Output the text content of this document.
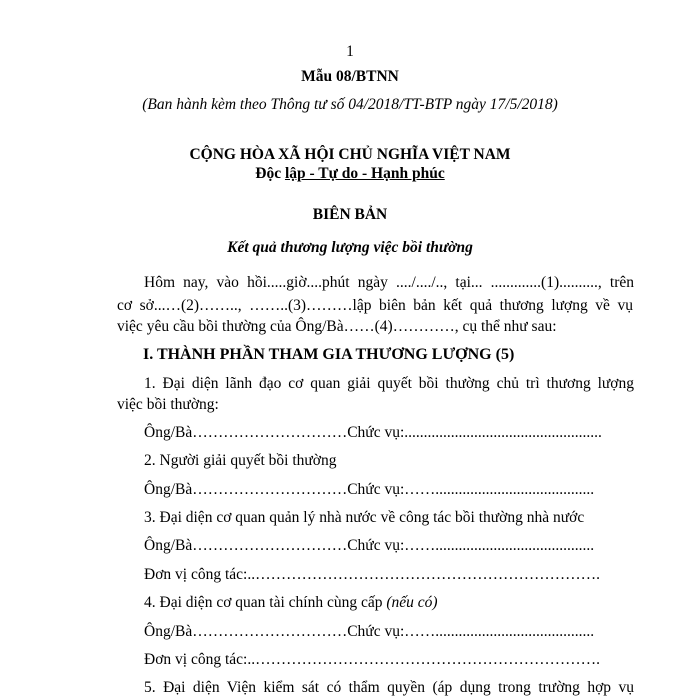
1
Mẫu 08/BTNN
(Ban hành kèm theo Thông tư số 04/2018/TT-BTP ngày 17/5/2018)
CỘNG HÒA XÃ HỘI CHỦ NGHĨA VIỆT NAM
Độc lập - Tự do - Hạnh phúc
BIÊN BẢN
Kết quả thương lượng việc bồi thường
Hôm nay, vào hồi.....giờ....phút ngày ..../..../.., tại... .............(1).........., trên
cơ sở...…(2)…….., ……..(3)………lập biên bản kết quả thương lượng về vụ
việc yêu cầu bồi thường của Ông/Bà……(4)…………, cụ thể như sau:
I. THÀNH PHẦN THAM GIA THƯƠNG LƯỢNG (5)
1. Đại diện lãnh đạo cơ quan giải quyết bồi thường chủ trì thương lượng
việc bồi thường:
Ông/Bà…………………………Chức vụ:...................................................
2. Người giải quyết bồi thường
Ông/Bà…………………………Chức vụ:…….........................................
3. Đại diện cơ quan quản lý nhà nước về công tác bồi thường nhà nước
Ông/Bà…………………………Chức vụ:…….........................................
Đơn vị công tác:..………………………………………………………….
4. Đại diện cơ quan tài chính cùng cấp (nếu có)
Ông/Bà…………………………Chức vụ:…….........................................
Đơn vị công tác:..………………………………………………………….
5. Đại diện Viện kiểm sát có thẩm quyền (áp dụng trong trường hợp vụ
